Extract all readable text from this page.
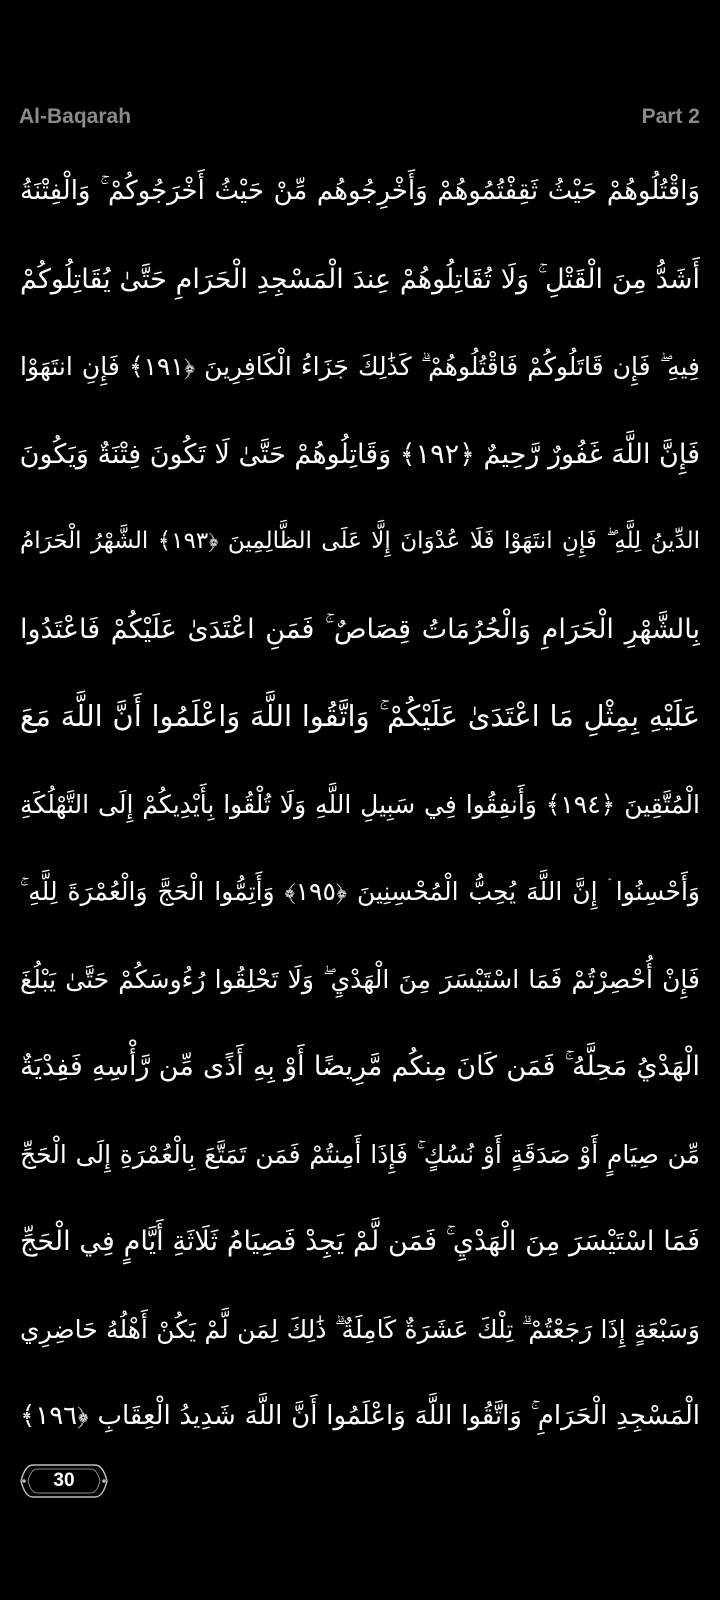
Al-Baqarah	Part 2
وَاقْتُلُوهُمْ حَيْثُ ثَقِفْتُمُوهُمْ وَأَخْرِجُوهُم مِّنْ حَيْثُ أَخْرَجُوكُمْ ۚ وَالْفِتْنَةُ
أَشَدُّ مِنَ الْقَتْلِ ۚ وَلَا تُقَاتِلُوهُمْ عِندَ الْمَسْجِدِ الْحَرَامِ حَتَّىٰ يُقَاتِلُوكُمْ
فِيهِ ۖ فَإِن قَاتَلُوكُمْ فَاقْتُلُوهُمْ ۗ كَذَٰلِكَ جَزَاءُ الْكَافِرِينَ ﴿١٩١﴾ فَإِنِ انتَهَوْا
فَإِنَّ اللَّهَ غَفُورٌ رَّحِيمٌ ﴿١٩٢﴾ وَقَاتِلُوهُمْ حَتَّىٰ لَا تَكُونَ فِتْنَةٌ وَيَكُونَ
الدِّينُ لِلَّهِ ۖ فَإِنِ انتَهَوْا فَلَا عُدْوَانَ إِلَّا عَلَى الظَّالِمِينَ ﴿١٩٣﴾ الشَّهْرُ الْحَرَامُ
بِالشَّهْرِ الْحَرَامِ وَالْحُرُمَاتُ قِصَاصٌ ۚ فَمَنِ اعْتَدَىٰ عَلَيْكُمْ فَاعْتَدُوا
عَلَيْهِ بِمِثْلِ مَا اعْتَدَىٰ عَلَيْكُمْ ۚ وَاتَّقُوا اللَّهَ وَاعْلَمُوا أَنَّ اللَّهَ مَعَ
الْمُتَّقِينَ ﴿١٩٤﴾ وَأَنفِقُوا فِي سَبِيلِ اللَّهِ وَلَا تُلْقُوا بِأَيْدِيكُمْ إِلَى التَّهْلُكَةِ
وَأَحْسِنُوا ۛ إِنَّ اللَّهَ يُحِبُّ الْمُحْسِنِينَ ﴿١٩٥﴾ وَأَتِمُّوا الْحَجَّ وَالْعُمْرَةَ لِلَّهِ ۚ
فَإِنْ أُحْصِرْتُمْ فَمَا اسْتَيْسَرَ مِنَ الْهَدْيِ ۖ وَلَا تَحْلِقُوا رُءُوسَكُمْ حَتَّىٰ يَبْلُغَ
الْهَدْيُ مَحِلَّهُ ۚ فَمَن كَانَ مِنكُم مَّرِيضًا أَوْ بِهِ أَذًى مِّن رَّأْسِهِ فَفِدْيَةٌ
مِّن صِيَامٍ أَوْ صَدَقَةٍ أَوْ نُسُكٍ ۚ فَإِذَا أَمِنتُمْ فَمَن تَمَتَّعَ بِالْعُمْرَةِ إِلَى الْحَجِّ
فَمَا اسْتَيْسَرَ مِنَ الْهَدْيِ ۚ فَمَن لَّمْ يَجِدْ فَصِيَامُ ثَلَاثَةِ أَيَّامٍ فِي الْحَجِّ
وَسَبْعَةٍ إِذَا رَجَعْتُمْ ۗ تِلْكَ عَشَرَةٌ كَامِلَةٌ ۗ ذَٰلِكَ لِمَن لَّمْ يَكُنْ أَهْلُهُ حَاضِرِي
الْمَسْجِدِ الْحَرَامِ ۚ وَاتَّقُوا اللَّهَ وَاعْلَمُوا أَنَّ اللَّهَ شَدِيدُ الْعِقَابِ ﴿١٩٦﴾
30
